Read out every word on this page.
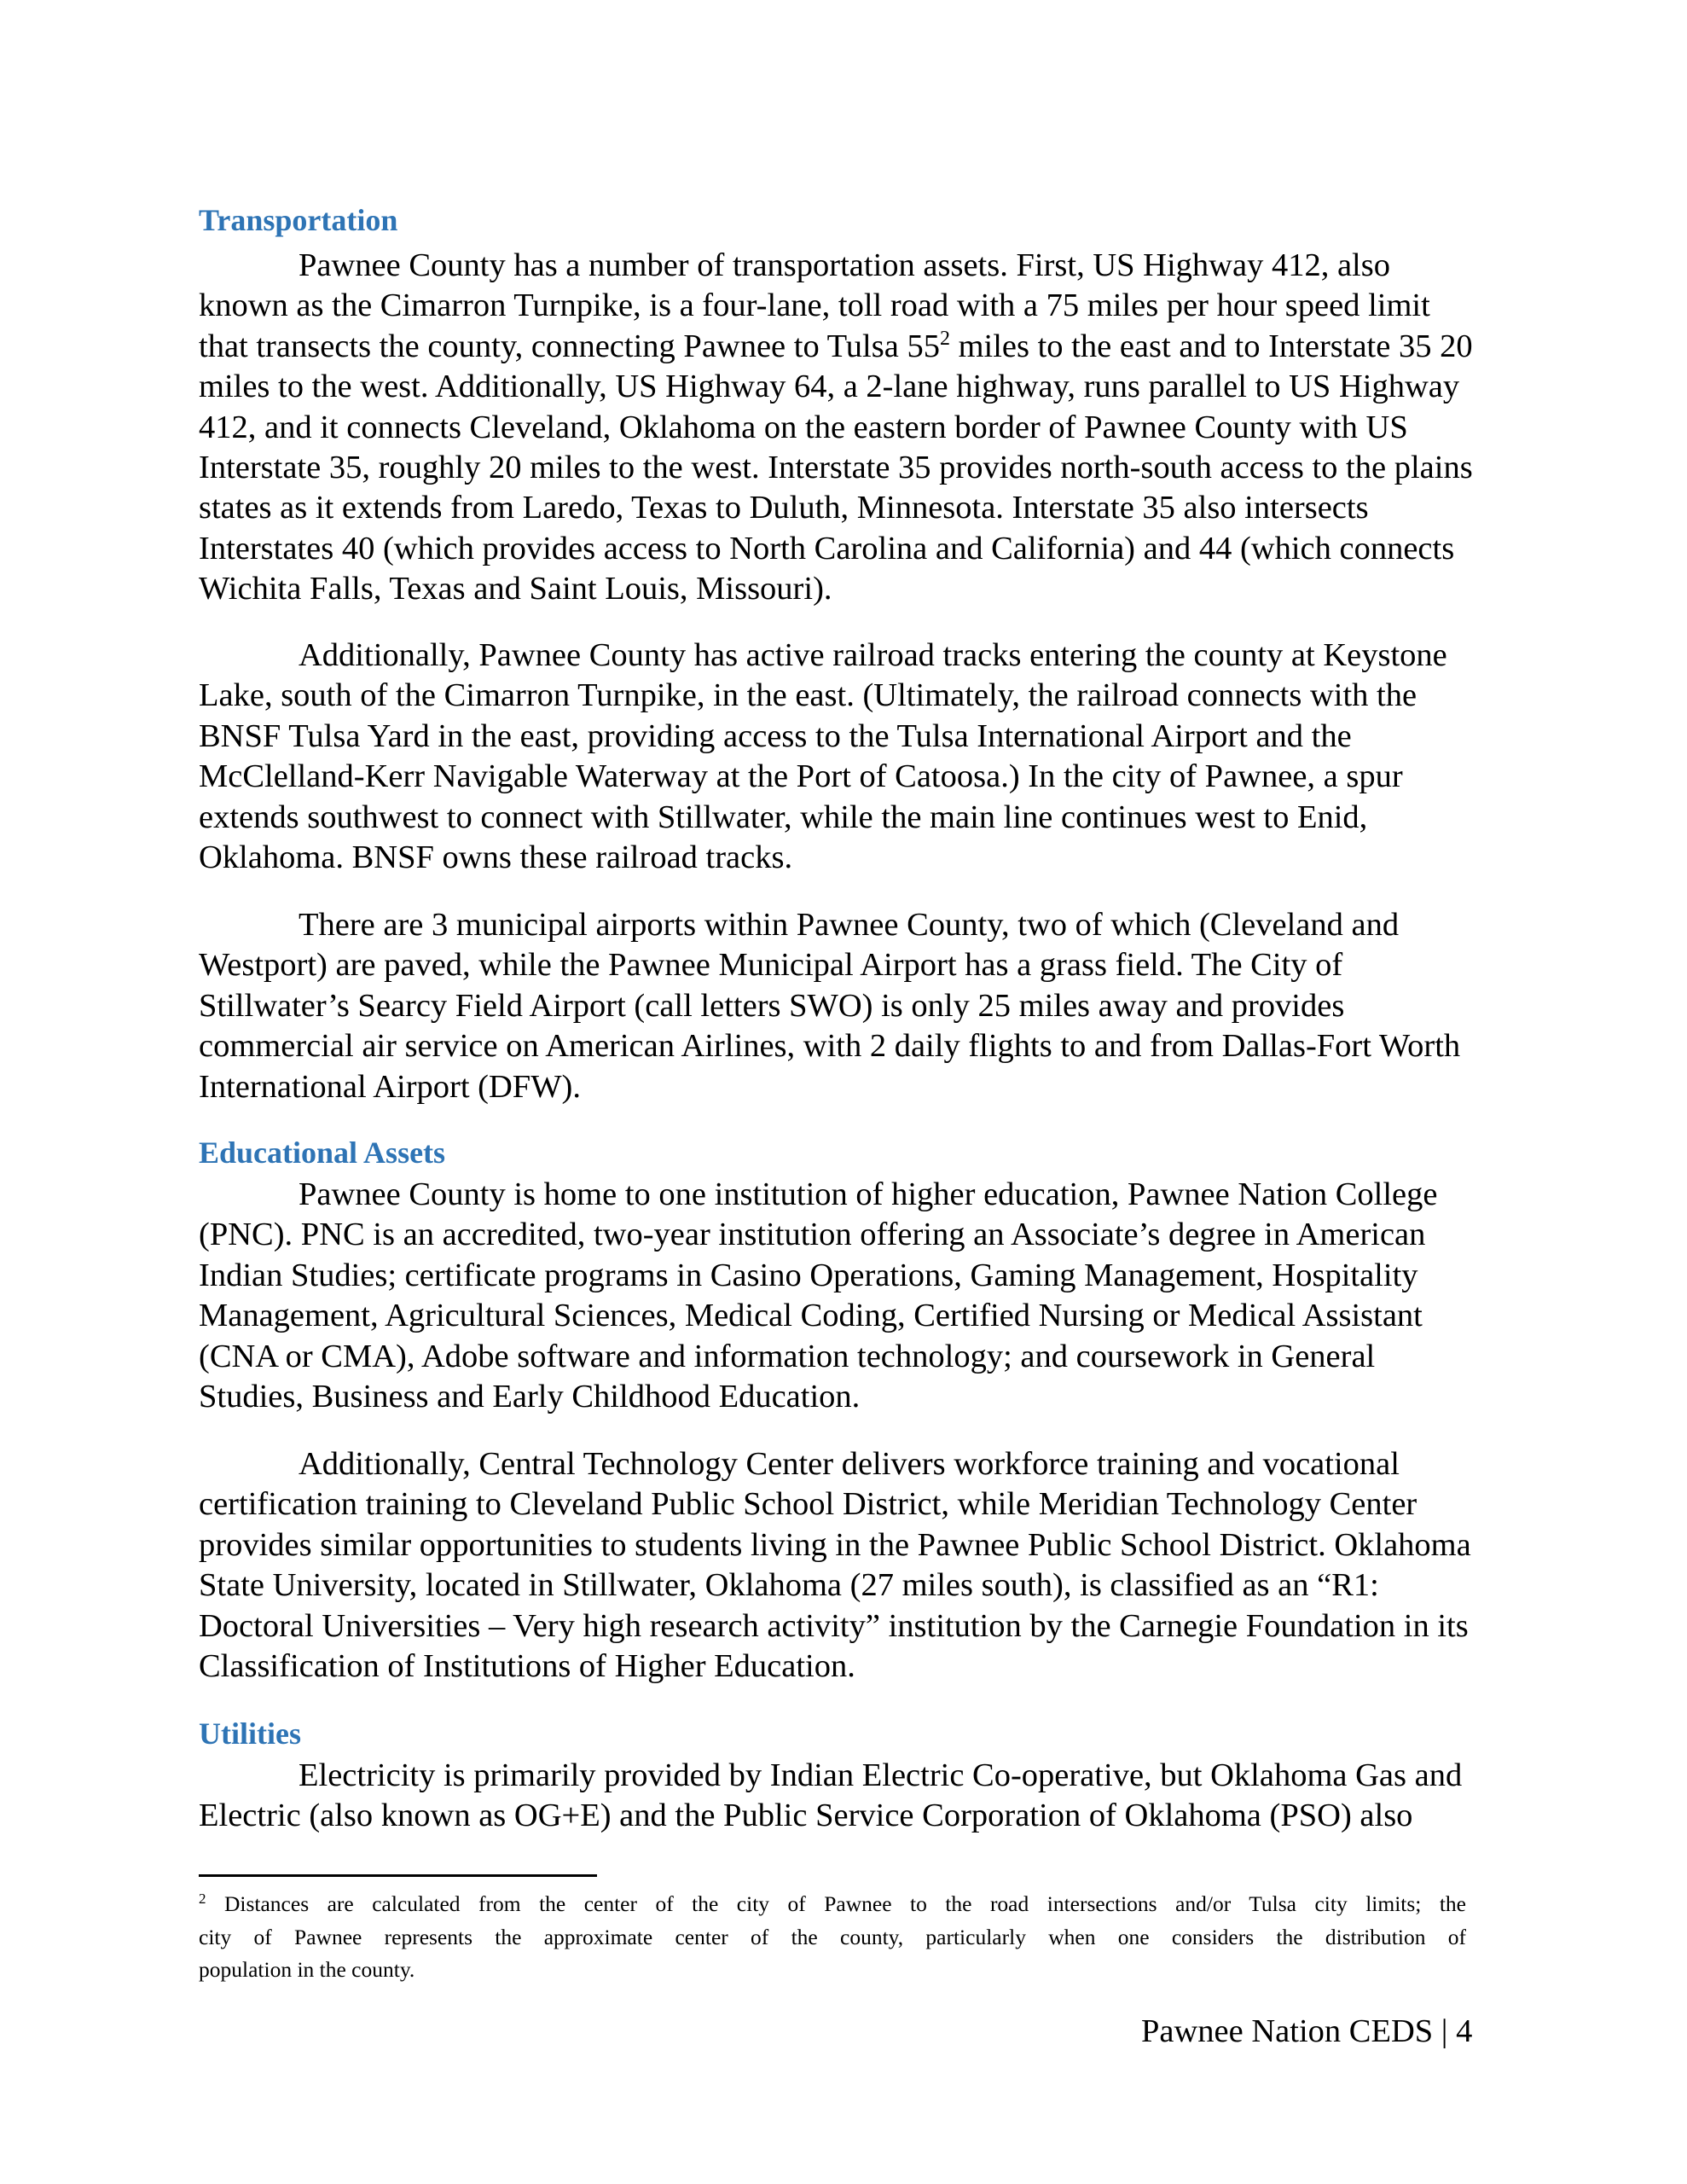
Transportation

Pawnee County has a number of transportation assets. First, US Highway 412, also
known as the Cimarron Turnpike, is a four-lane, toll road with a 75 miles per hour speed limit
that transects the county, connecting Pawnee to Tulsa 55$^2$ miles to the east and to Interstate 35 20
miles to the west. Additionally, US Highway 64, a 2-lane highway, runs parallel to US Highway
412, and it connects Cleveland, Oklahoma on the eastern border of Pawnee County with US
Interstate 35, roughly 20 miles to the west. Interstate 35 provides north-south access to the plains
states as it extends from Laredo, Texas to Duluth, Minnesota. Interstate 35 also intersects
Interstates 40 (which provides access to North Carolina and California) and 44 (which connects
Wichita Falls, Texas and Saint Louis, Missouri).

Additionally, Pawnee County has active railroad tracks entering the county at Keystone
Lake, south of the Cimarron Turnpike, in the east. (Ultimately, the railroad connects with the
BNSF Tulsa Yard in the east, providing access to the Tulsa International Airport and the
McClelland-Kerr Navigable Waterway at the Port of Catoosa.) In the city of Pawnee, a spur
extends southwest to connect with Stillwater, while the main line continues west to Enid,
Oklahoma. BNSF owns these railroad tracks.

There are 3 municipal airports within Pawnee County, two of which (Cleveland and
Westport) are paved, while the Pawnee Municipal Airport has a grass field. The City of
Stillwater’s Searcy Field Airport (call letters SWO) is only 25 miles away and provides
commercial air service on American Airlines, with 2 daily flights to and from Dallas-Fort Worth
International Airport (DFW).

Educational Assets

Pawnee County is home to one institution of higher education, Pawnee Nation College
(PNC). PNC is an accredited, two-year institution offering an Associate’s degree in American
Indian Studies; certificate programs in Casino Operations, Gaming Management, Hospitality
Management, Agricultural Sciences, Medical Coding, Certified Nursing or Medical Assistant
(CNA or CMA), Adobe software and information technology; and coursework in General
Studies, Business and Early Childhood Education.

Additionally, Central Technology Center delivers workforce training and vocational
certification training to Cleveland Public School District, while Meridian Technology Center
provides similar opportunities to students living in the Pawnee Public School District. Oklahoma
State University, located in Stillwater, Oklahoma (27 miles south), is classified as an “R1:
Doctoral Universities – Very high research activity” institution by the Carnegie Foundation in its
Classification of Institutions of Higher Education.

Utilities

Electricity is primarily provided by Indian Electric Co-operative, but Oklahoma Gas and
Electric (also known as OG+E) and the Public Service Corporation of Oklahoma (PSO) also

$^2$ Distances are calculated from the center of the city of Pawnee to the road intersections and/or Tulsa city limits; the
city of Pawnee represents the approximate center of the county, particularly when one considers the distribution of
population in the county.

Pawnee Nation CEDS | 4
